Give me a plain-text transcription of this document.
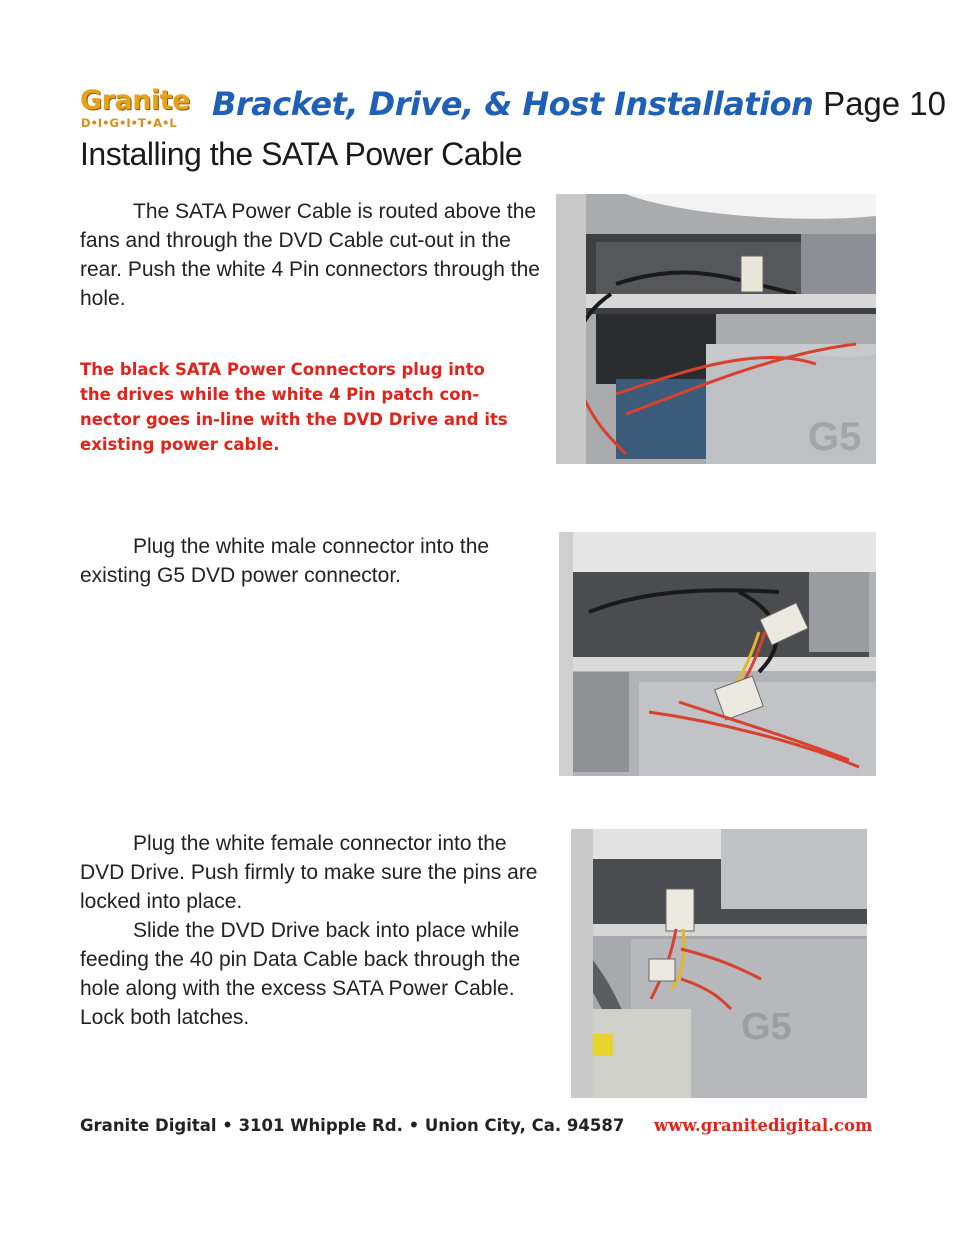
Granite
D•I•G•I•T•A•L Bracket, Drive, & Host Installation Page 10
Installing the SATA Power Cable

The SATA Power Cable is routed above the fans and through the DVD Cable cut-out in the rear. Push the white 4 Pin connectors through the hole.

The black SATA Power Connectors plug into the drives while the white 4 Pin patch con-nector goes in-line with the DVD Drive and its existing power cable.	G5

Plug the white male connector into the existing G5 DVD power connector.

Plug the white female connector into the DVD Drive. Push firmly to make sure the pins are locked into place.

Slide the DVD Drive back into place while feeding the 40 pin Data Cable back through the hole along with the excess SATA Power Cable. Lock both latches.	G5
Granite Digital • 3101 Whipple Rd. • Union City, Ca. 94587 www.granitedigital.com
